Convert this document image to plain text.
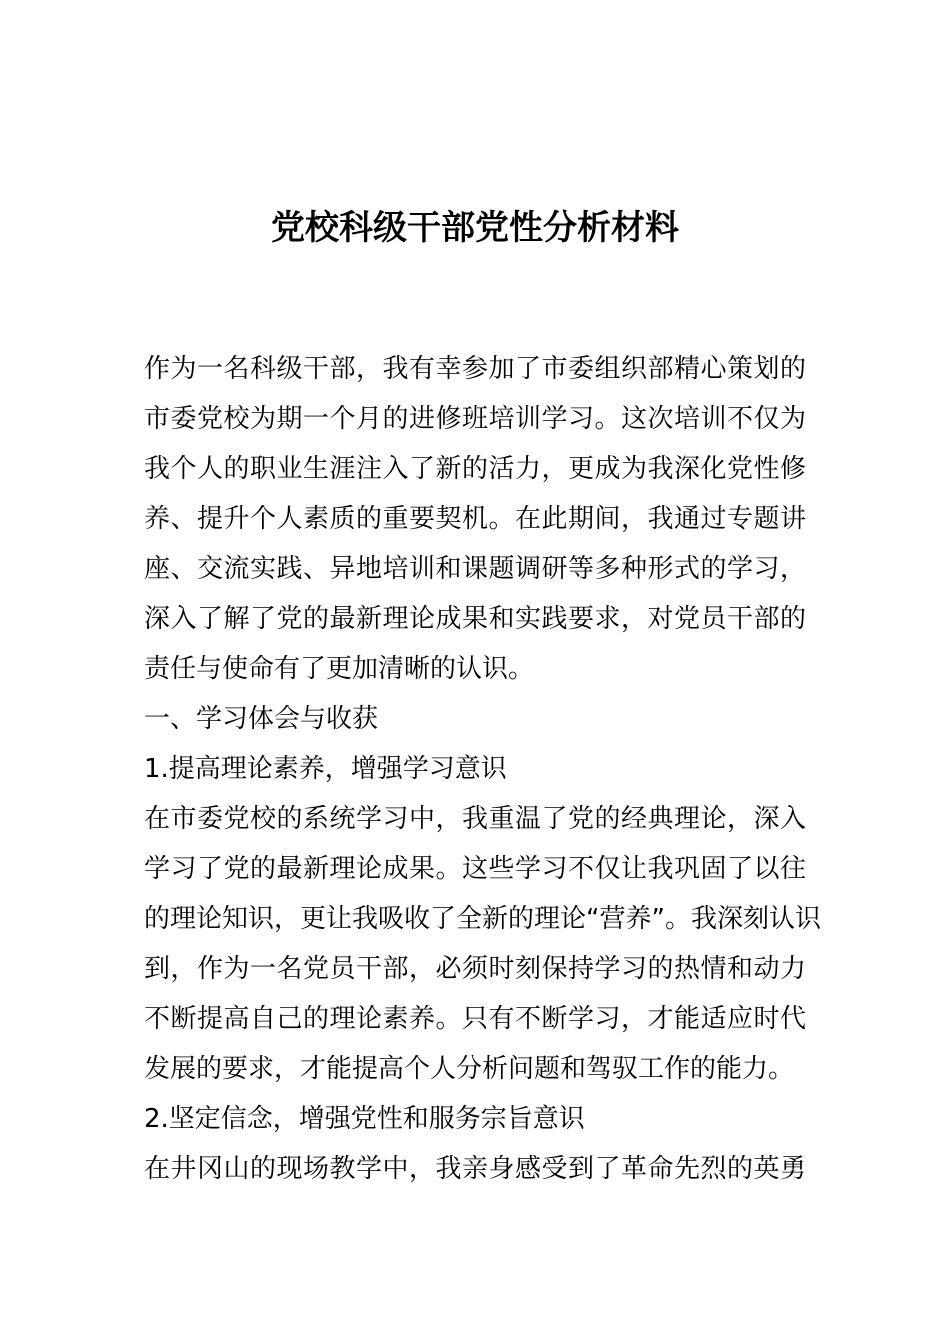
党校科级干部党性分析材料
作为一名科级干部，我有幸参加了市委组织部精心策划的
市委党校为期一个月的进修班培训学习。这次培训不仅为
我个人的职业生涯注入了新的活力，更成为我深化党性修
养、提升个人素质的重要契机。在此期间，我通过专题讲
座、交流实践、异地培训和课题调研等多种形式的学习，
深入了解了党的最新理论成果和实践要求，对党员干部的
责任与使命有了更加清晰的认识。
一、学习体会与收获
1.提高理论素养，增强学习意识
在市委党校的系统学习中，我重温了党的经典理论，深入
学习了党的最新理论成果。这些学习不仅让我巩固了以往
的理论知识，更让我吸收了全新的理论“营养”。我深刻认识
到，作为一名党员干部，必须时刻保持学习的热情和动力
不断提高自己的理论素养。只有不断学习，才能适应时代
发展的要求，才能提高个人分析问题和驾驭工作的能力。
2.坚定信念，增强党性和服务宗旨意识
在井冈山的现场教学中，我亲身感受到了革命先烈的英勇
